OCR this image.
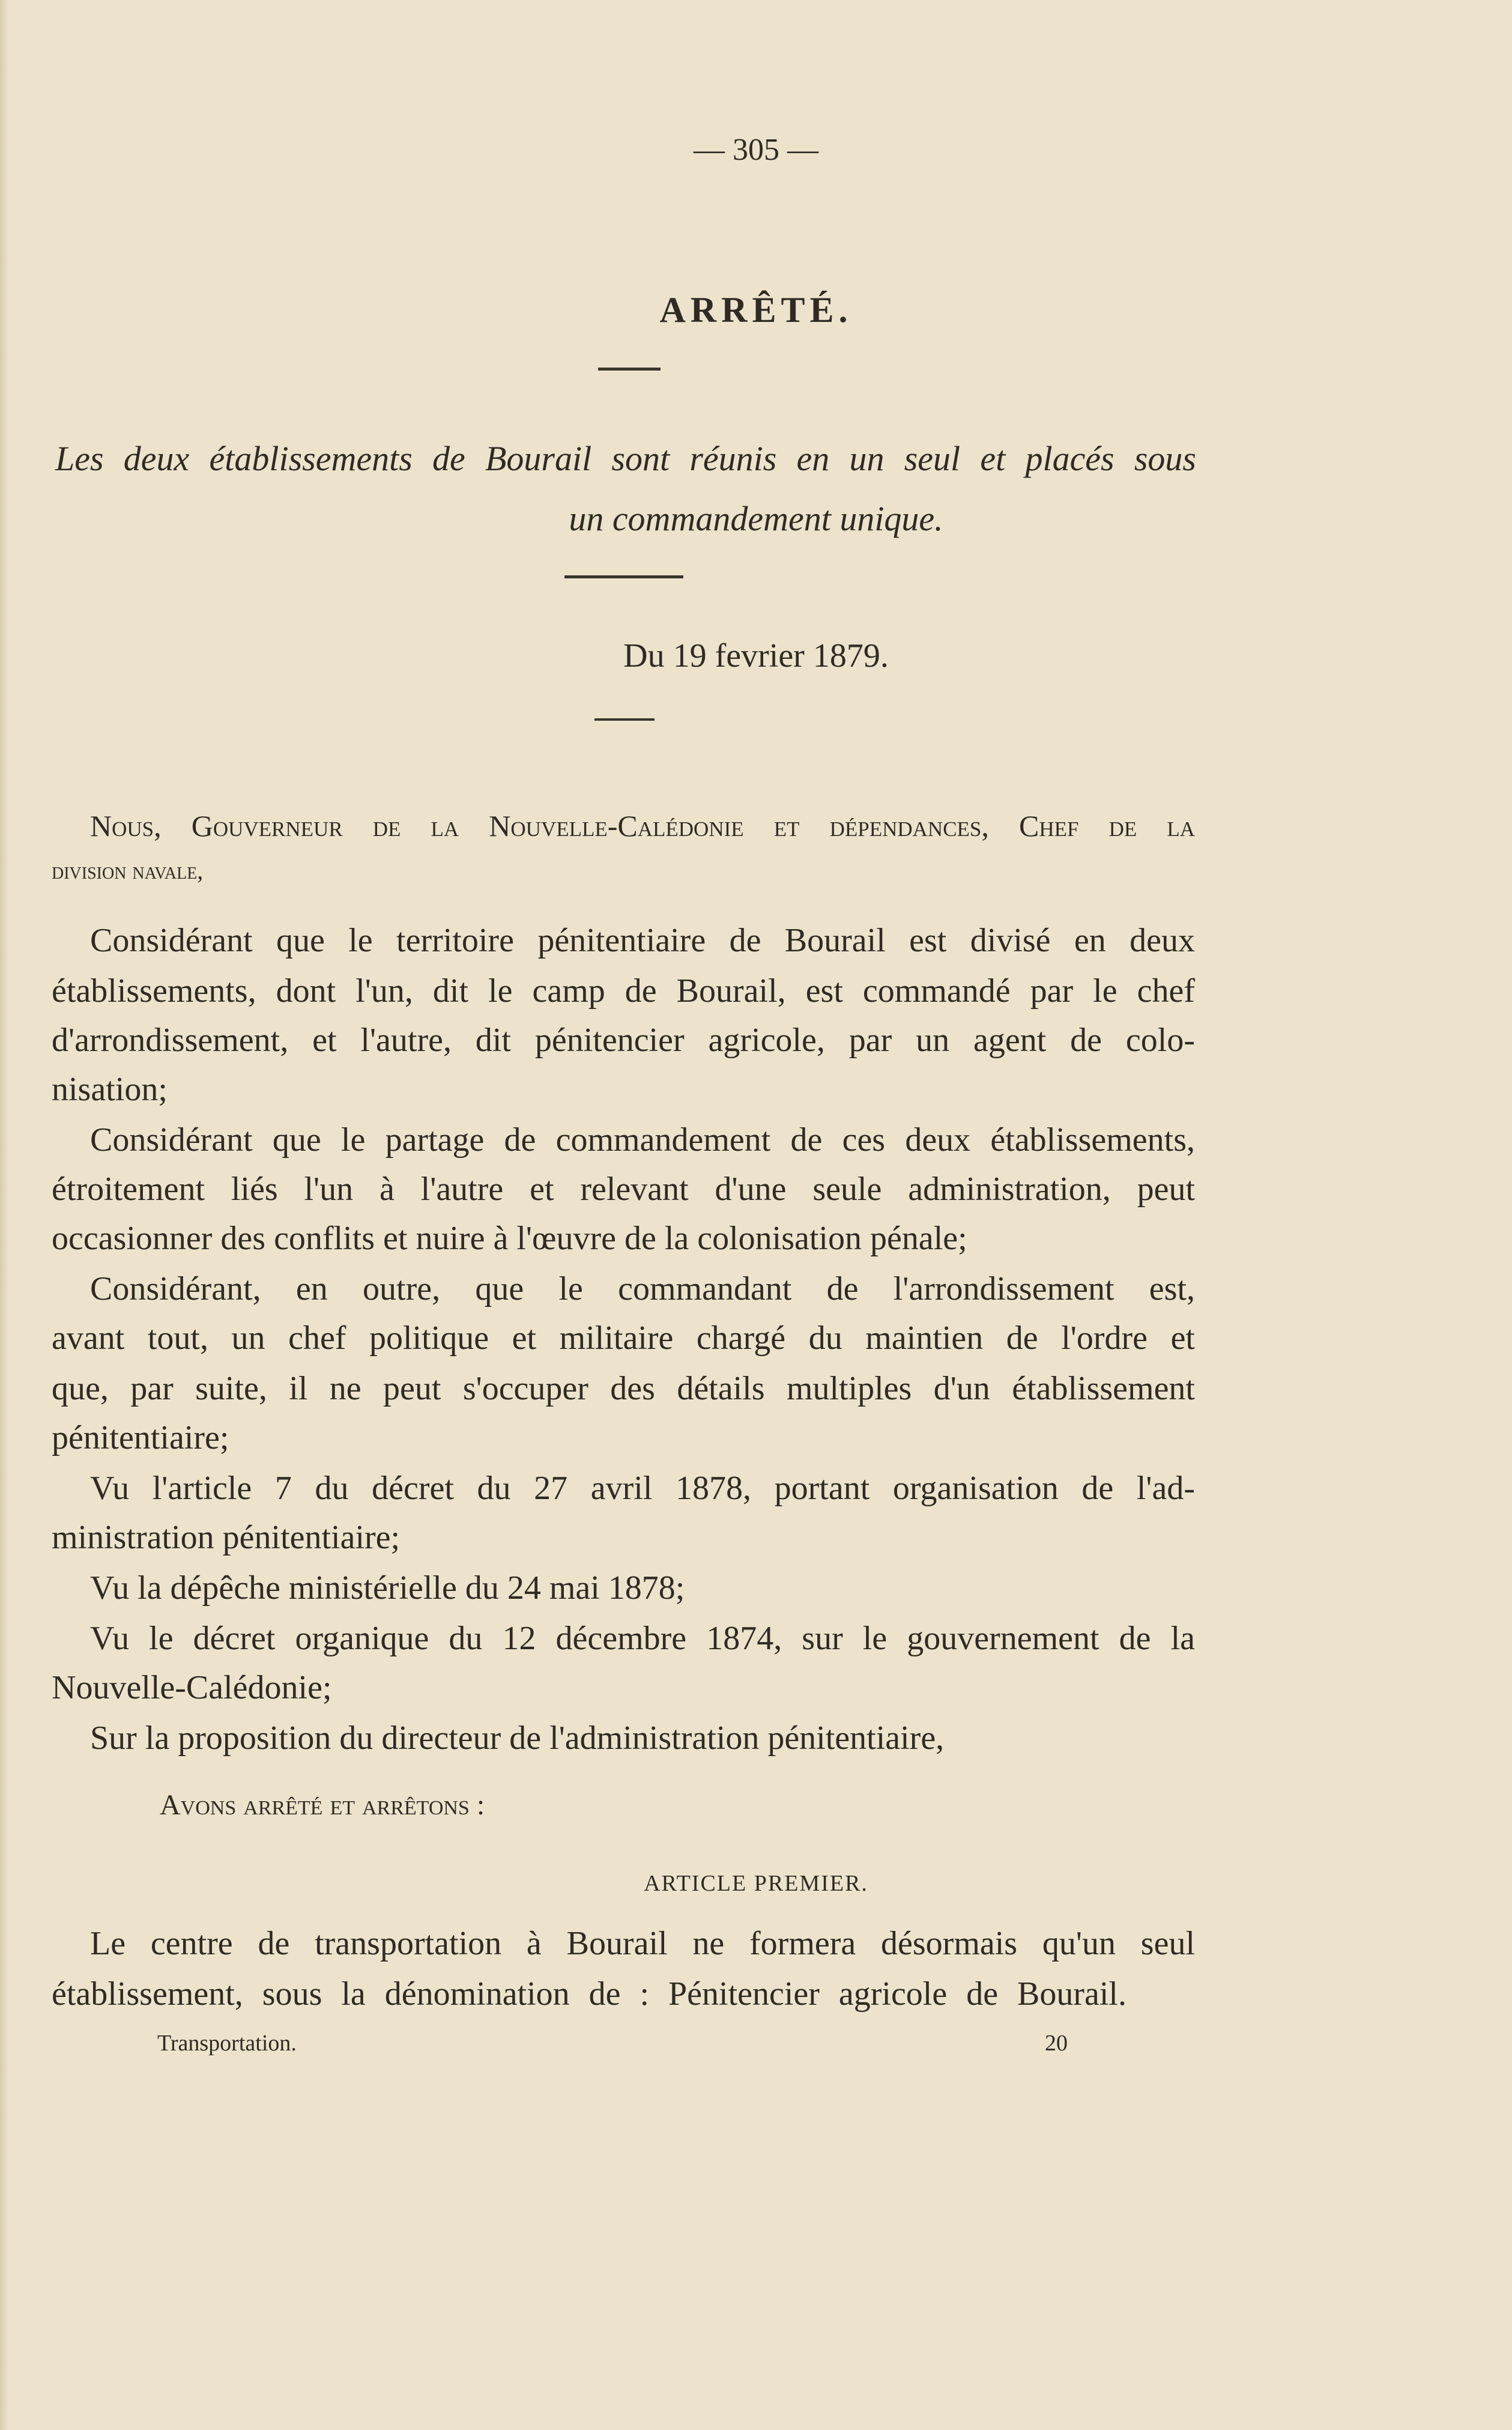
— 305 —
ARRÊTÉ.
Les deux établissements de Bourail sont réunis en un seul et placés sous
un commandement unique.
Du 19 fevrier 1879.
Nous, Gouverneur de la Nouvelle-Calédonie et dépendances, Chef de la
division navale,
Considérant que le territoire pénitentiaire de Bourail est divisé en deux
établissements, dont l'un, dit le camp de Bourail, est commandé par le chef
d'arrondissement, et l'autre, dit pénitencier agricole, par un agent de colo-
nisation;
Considérant que le partage de commandement de ces deux établissements,
étroitement liés l'un à l'autre et relevant d'une seule administration, peut
occasionner des conflits et nuire à l'œuvre de la colonisation pénale;
Considérant, en outre, que le commandant de l'arrondissement est,
avant tout, un chef politique et militaire chargé du maintien de l'ordre et
que, par suite, il ne peut s'occuper des détails multiples d'un établissement
pénitentiaire;
Vu l'article 7 du décret du 27 avril 1878, portant organisation de l'ad-
ministration pénitentiaire;
Vu la dépêche ministérielle du 24 mai 1878;
Vu le décret organique du 12 décembre 1874, sur le gouvernement de la
Nouvelle-Calédonie;
Sur la proposition du directeur de l'administration pénitentiaire,
Avons arrêté et arrêtons :
ARTICLE PREMIER.
Le centre de transportation à Bourail ne formera désormais qu'un seul
établissement, sous la dénomination de : Pénitencier agricole de Bourail.
Transportation.	20
